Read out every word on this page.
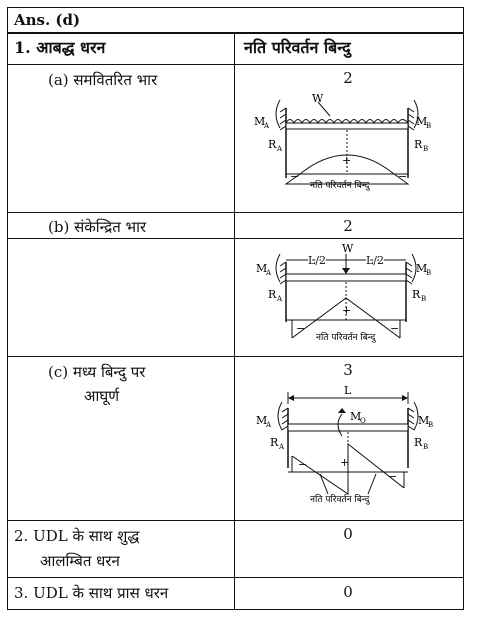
Ans. (d)
1. आबद्ध धरन	नति परिवर्तन बिन्दु
(a) समवितरित भार	2
W
M
A	M
B
R A	R B
+
−	−
नति परिवर्तन बिन्दु
(b) संकेन्द्रित भार	2
L/2	L/2
W
M
A	M
B
R A	R B
+
−	−
नति परिवर्तन बिन्दु
(c) मध्य बिन्दु पर
आघूर्ण
3
L
M
O
M
A	M
B
R A	R B
+
−
−
नति परिवर्तन बिन्दु
2. UDL के साथ शुद्ध
आलम्बित धरन
0
3. UDL के साथ प्रास धरन	0
